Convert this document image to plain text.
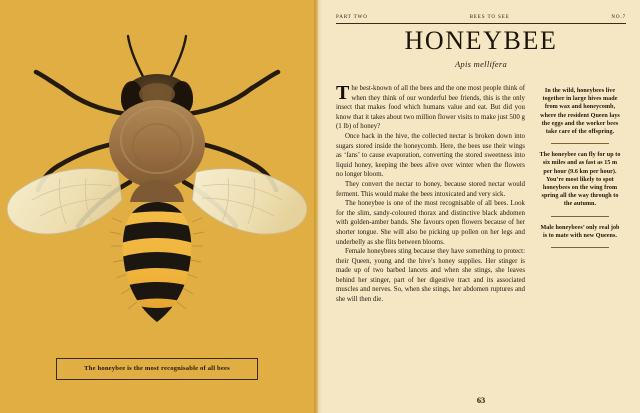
The honeybee is the most recognisable of all bees
PART TWO	BEES TO SEE	NO.7
HONEYBEE
Apis mellifera

The best-known of all the bees and the one most people think of when they think of our wonderful bee friends, this is the only insect that makes food which humans value and eat. But did you know that it takes about two million flower visits to make just 500 g (1 lb) of honey?

Once back in the hive, the collected nectar is broken down into sugars stored inside the honeycomb. Here, the bees use their wings as ‘fans’ to cause evaporation, converting the stored sweetness into liquid honey, keeping the bees alive over winter when the flowers no longer bloom.

They convert the nectar to honey, because stored nectar would ferment. This would make the bees intoxicated and very sick.

The honeybee is one of the most recognisable of all bees. Look for the slim, sandy-coloured thorax and distinctive black abdomen with golden-amber bands. She favours open flowers because of her shorter tongue. She will also be picking up pollen on her legs and underbelly as she flits between blooms.

Female honeybees sting because they have something to protect: their Queen, young and the hive’s honey supplies. Her stinger is made up of two barbed lancets and when she stings, she leaves behind her stinger, part of her digestive tract and its associated muscles and nerves. So, when she stings, her abdomen ruptures and she will then die.

In the wild, honeybees live together in large hives made from wax and honeycomb, where the resident Queen lays the eggs and the worker bees take care of the offspring.
The honeybee can fly for up to six miles and as fast as 15 m per hour (9.6 km per hour). You’re most likely to spot honeybees on the wing from spring all the way through to the autumn.
Male honeybees’ only real job is to mate with new Queens.
63
